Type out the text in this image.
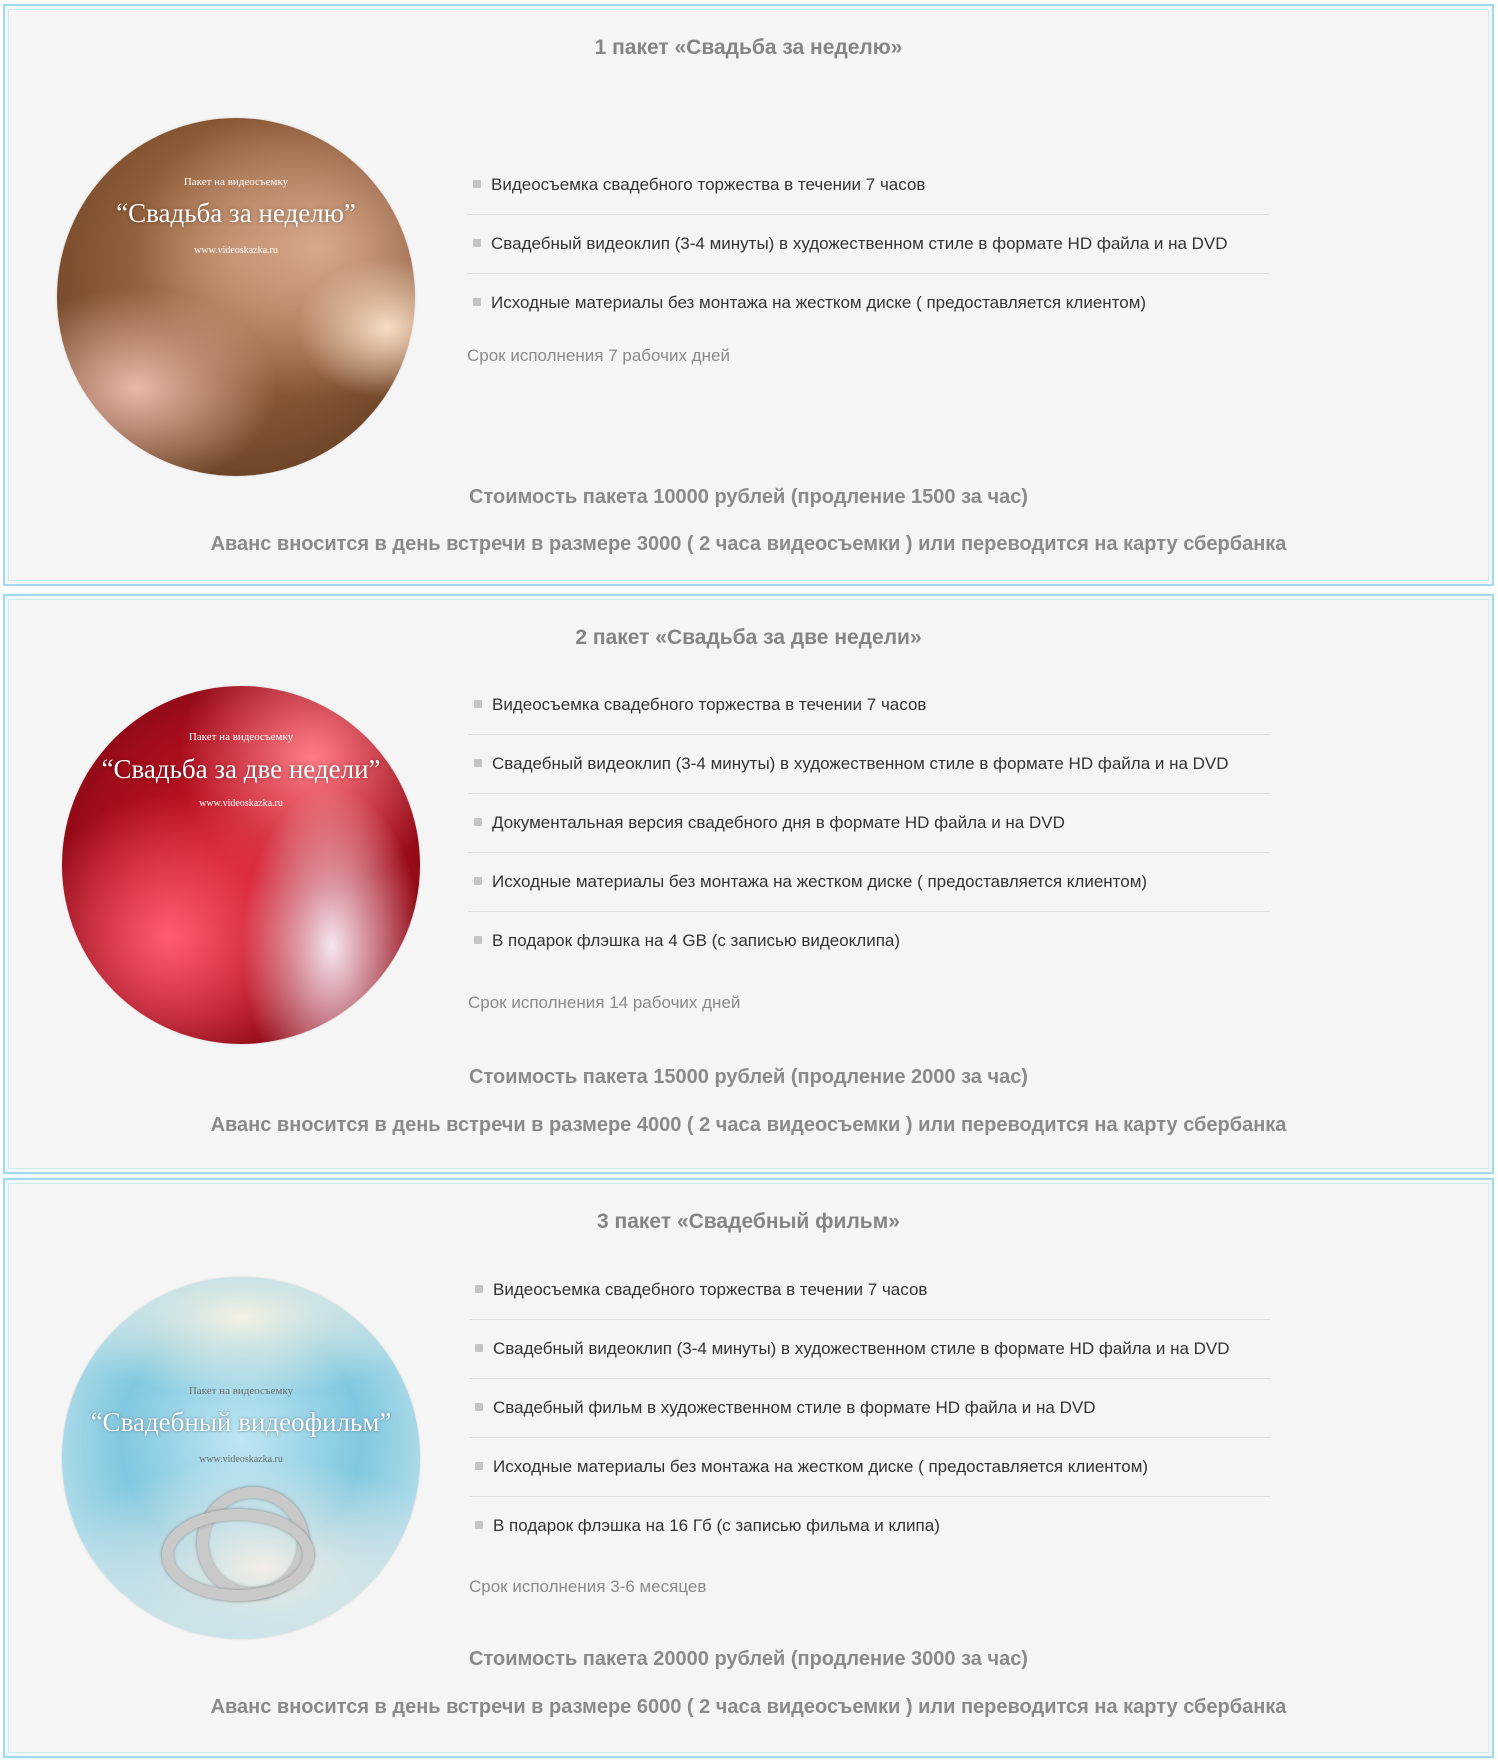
1 пакет «Свадьба за неделю»
Пакет на видеосъемку
“Свадьба за неделю”
www.videoskazka.ru
Видеосъемка свадебного торжества в течении 7 часов
Свадебный видеоклип (3-4 минуты) в художественном стиле в формате HD файла и на DVD
Исходные материалы без монтажа на жестком диске ( предоставляется клиентом)
Срок исполнения 7 рабочих дней
Стоимость пакета 10000 рублей (продление 1500 за час)
Аванс вносится в день встречи в размере 3000 ( 2 часа видеосъемки ) или переводится на карту сбербанка
2 пакет «Свадьба за две недели»
Пакет на видеосъемку
“Свадьба за две недели”
www.videoskazka.ru
Видеосъемка свадебного торжества в течении 7 часов
Свадебный видеоклип (3-4 минуты) в художественном стиле в формате HD файла и на DVD
Документальная версия свадебного дня в формате HD файла и на DVD
Исходные материалы без монтажа на жестком диске ( предоставляется клиентом)
В подарок флэшка на 4 GB (с записью видеоклипа)
Срок исполнения 14 рабочих дней
Стоимость пакета 15000 рублей (продление 2000 за час)
Аванс вносится в день встречи в размере 4000 ( 2 часа видеосъемки ) или переводится на карту сбербанка
3 пакет «Свадебный фильм»
Пакет на видеосъемку
“Свадебный видеофильм”
www.videoskazka.ru
Видеосъемка свадебного торжества в течении 7 часов
Свадебный видеоклип (3-4 минуты) в художественном стиле в формате HD файла и на DVD
Свадебный фильм в художественном стиле в формате HD файла и на DVD
Исходные материалы без монтажа на жестком диске ( предоставляется клиентом)
В подарок флэшка на 16 Гб (с записью фильма и клипа)
Срок исполнения 3-6 месяцев
Стоимость пакета 20000 рублей (продление 3000 за час)
Аванс вносится в день встречи в размере 6000 ( 2 часа видеосъемки ) или переводится на карту сбербанка
